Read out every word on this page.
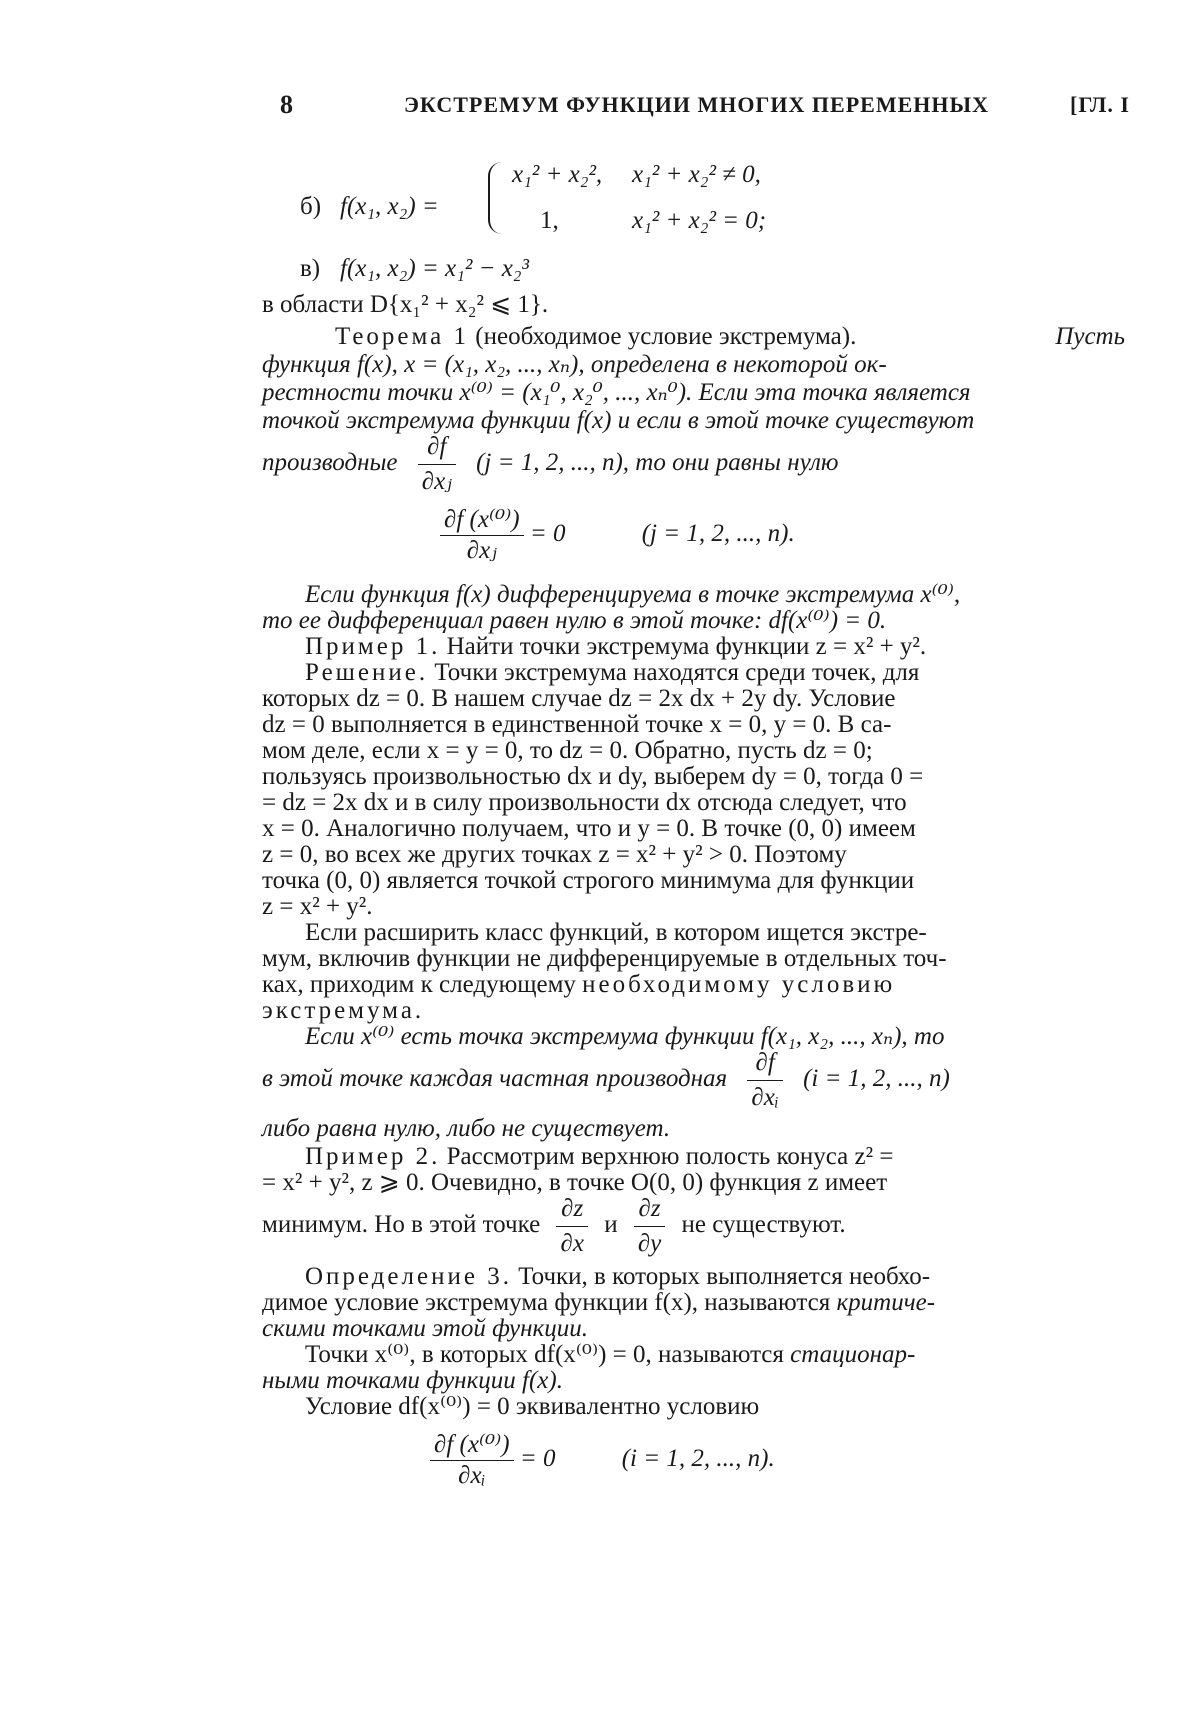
8	ЭКСТРЕМУМ ФУНКЦИИ МНОГИХ ПЕРЕМЕННЫХ	[ГЛ. I
б) f(x₁, x₂) =
x₁² + x₂², x₁² + x₂² ≠ 0,
1,	x₁² + x₂² = 0;
в) f(x₁, x₂) = x₁² − x₂³
в области D{x₁² + x₂² ⩽ 1}.
Теорема 1 (необходимое условие экстремума).	Пусть
функция f(x), x = (x₁, x₂, ..., xₙ), определена в некоторой ок-
рестности точки x⁽⁰⁾ = (x₁⁰, x₂⁰, ..., xₙ⁰). Если эта точка является
точкой экстремума функции f(x) и если в этой точке существуют
производные $\frac{\partial f}{\text{∂xⱼ}} (j = 1$, 2, ..., n), то они равны нулю
$\frac{\text{∂f (x⁽⁰⁾)}}{\text{∂xⱼ}} = 0$	(j = 1, 2, ..., n).
Если функция f(x) дифференцируема в точке экстремума x⁽⁰⁾,
то ее дифференциал равен нулю в этой точке: df(x⁽⁰⁾) = 0.
Пример 1. Найти точки экстремума функции z = x² + y².
Решение. Точки экстремума находятся среди точек, для
которых dz = 0. В нашем случае dz = 2x dx + 2y dy. Условие
dz = 0 выполняется в единственной точке x = 0, y = 0. В са-
мом деле, если x = y = 0, то dz = 0. Обратно, пусть dz = 0;
пользуясь произвольностью dx и dy, выберем dy = 0, тогда 0 =
= dz = 2x dx и в силу произвольности dx отсюда следует, что
x = 0. Аналогично получаем, что и y = 0. В точке (0, 0) имеем
z = 0, во всех же других точках z = x² + y² > 0. Поэтому
точка (0, 0) является точкой строгого минимума для функции
z = x² + y².
Если расширить класс функций, в котором ищется экстре-
мум, включив функции не дифференцируемые в отдельных точ-
ках, приходим к следующему необходимому условию
экстремума.
Если x⁽⁰⁾ есть точка экстремума функции f(x₁, x₂, ..., xₙ), то
в этой точке каждая частная производная $\frac{\partial f}{\text{∂xᵢ}} (i = 1$, 2, ..., n)
либо равна нулю, либо не существует.
Пример 2. Рассмотрим верхнюю полость конуса z² =
= x² + y², z ⩾ 0. Очевидно, в точке O(0, 0) функция z имеет
минимум. Но в этой точке $\frac{\partial z}{\partial x}$ и $\frac{\partial z}{\partial y}$ не существуют.
Определение 3. Точки, в которых выполняется необхо-
димое условие экстремума функции f(x), называются критиче-
скими точками этой функции.
Точки x⁽⁰⁾, в которых df(x⁽⁰⁾) = 0, называются стационар-
ными точками функции f(x).
Условие df(x⁽⁰⁾) = 0 эквивалентно условию
$\frac{\text{∂f (x⁽⁰⁾)}}{\text{∂xᵢ}} = 0$	(i = 1, 2, ..., n).
